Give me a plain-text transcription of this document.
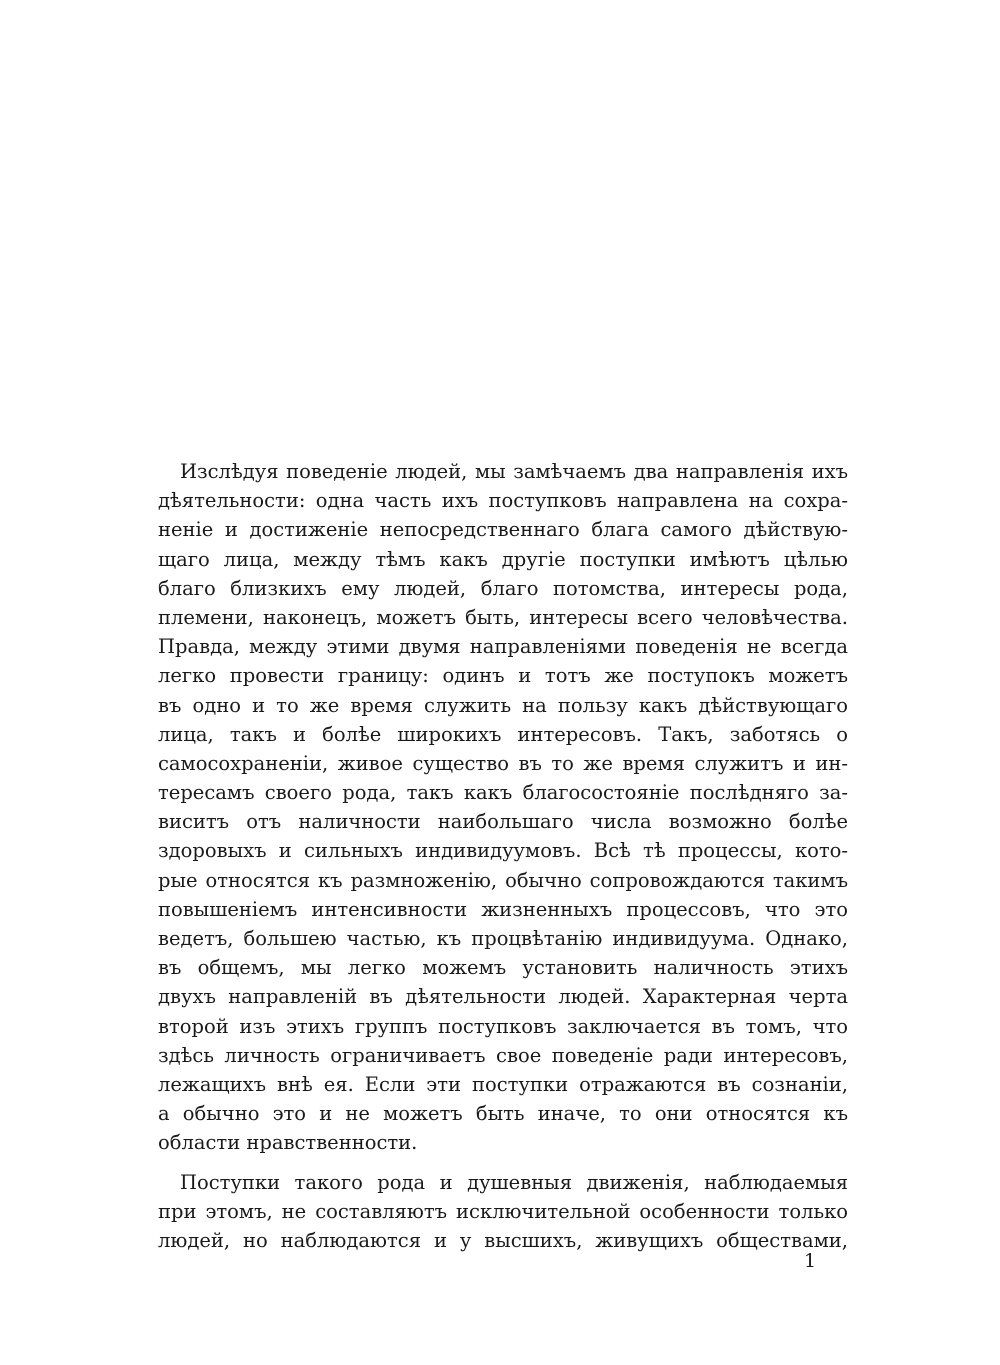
Изслѣдуя поведеніе людей, мы замѣчаемъ два направленія ихъ
дѣятельности: одна часть ихъ поступковъ направлена на сохра-
неніе и достиженіе непосредственнаго блага самого дѣйствую-
щаго лица, между тѣмъ какъ другіе поступки имѣютъ цѣлью
благо близкихъ ему людей, благо потомства, интересы рода,
племени, наконецъ, можетъ быть, интересы всего человѣчества.
Правда, между этими двумя направленіями поведенія не всегда
легко провести границу: одинъ и тотъ же поступокъ можетъ
въ одно и то же время служить на пользу какъ дѣйствующаго
лица, такъ и болѣе широкихъ интересовъ. Такъ, заботясь о
самосохраненіи, живое существо въ то же время служитъ и ин-
тересамъ своего рода, такъ какъ благосостояніе послѣдняго за-
виситъ отъ наличности наибольшаго числа возможно болѣе
здоровыхъ и сильныхъ индивидуумовъ. Всѣ тѣ процессы, кото-
рые относятся къ размноженію, обычно сопровождаются такимъ
повышеніемъ интенсивности жизненныхъ процессовъ, что это
ведетъ, большею частью, къ процвѣтанію индивидуума. Однако,
въ общемъ, мы легко можемъ установить наличность этихъ
двухъ направленій въ дѣятельности людей. Характерная черта
второй изъ этихъ группъ поступковъ заключается въ томъ, что
здѣсь личность ограничиваетъ свое поведеніе ради интересовъ,
лежащихъ внѣ ея. Если эти поступки отражаются въ сознаніи,
а обычно это и не можетъ быть иначе, то они относятся къ
области нравственности.
Поступки такого рода и душевныя движенія, наблюдаемыя
при этомъ, не составляютъ исключительной особенности только
людей, но наблюдаются и у высшихъ, живущихъ обществами,
1
